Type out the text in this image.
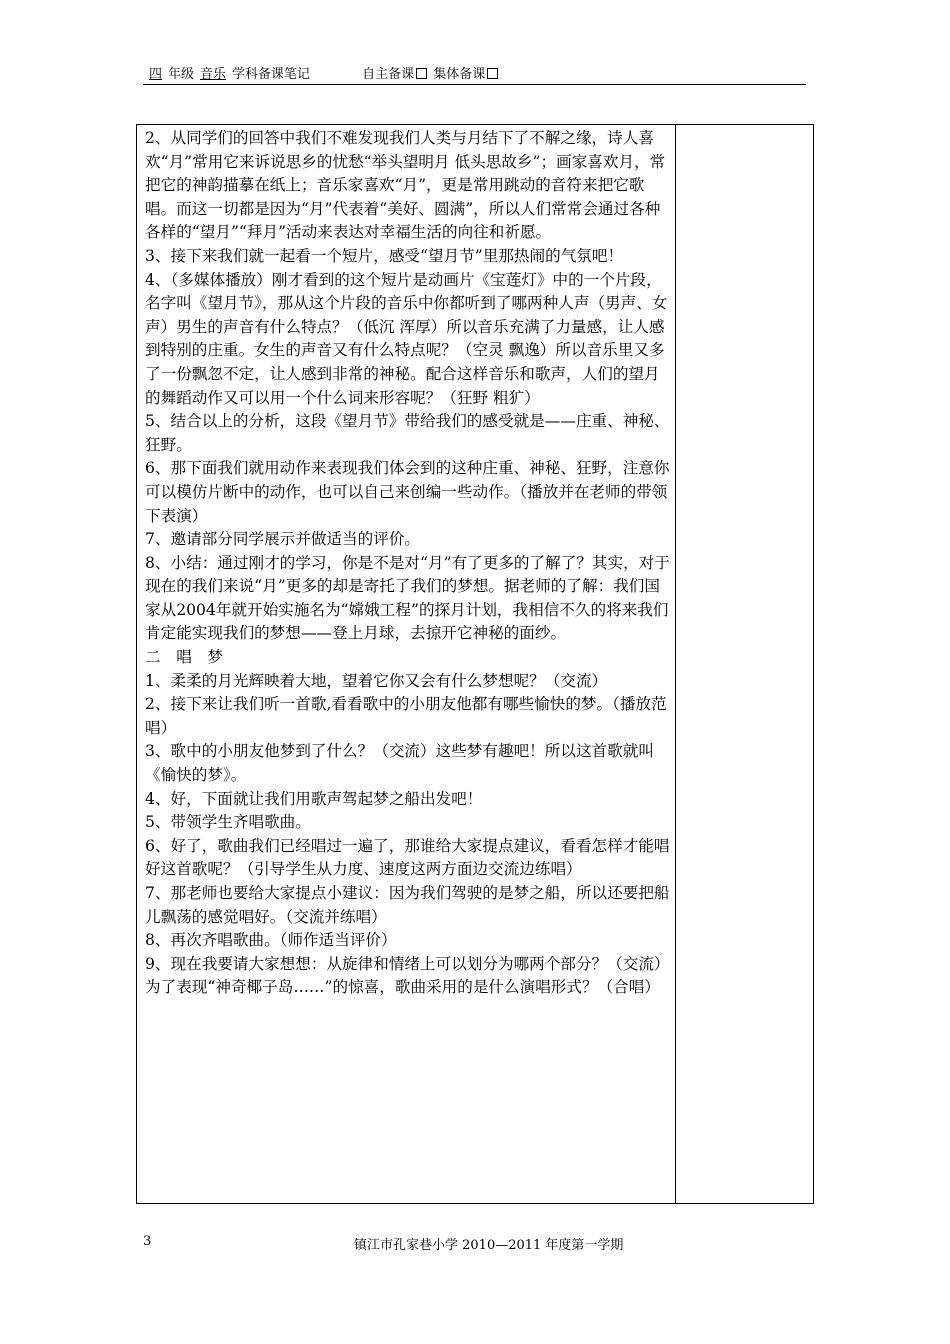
四 年级 音乐 学科备课笔记	自主备课 集体备课

2、从同学们的回答中我们不难发现我们人类与月结下了不解之缘，诗人喜欢“月”常用它来诉说思乡的忧愁“举头望明月 低头思故乡”；画家喜欢月，常把它的神韵描摹在纸上；音乐家喜欢“月”，更是常用跳动的音符来把它歌唱。而这一切都是因为“月”代表着“美好、圆满”，所以人们常常会通过各种各样的“望月”“拜月”活动来表达对幸福生活的向往和祈愿。

3、接下来我们就一起看一个短片，感受“望月节”里那热闹的气氛吧！

4、（多媒体播放）刚才看到的这个短片是动画片《宝莲灯》中的一个片段，名字叫《望月节》，那从这个片段的音乐中你都听到了哪两种人声（男声、女声）男生的声音有什么特点？（低沉 浑厚）所以音乐充满了力量感，让人感到特别的庄重。女生的声音又有什么特点呢？（空灵 飘逸）所以音乐里又多了一份飘忽不定，让人感到非常的神秘。配合这样音乐和歌声，人们的望月的舞蹈动作又可以用一个什么词来形容呢？（狂野 粗犷）

5、结合以上的分析，这段《望月节》带给我们的感受就是——庄重、神秘、狂野。

6、那下面我们就用动作来表现我们体会到的这种庄重、神秘、狂野，注意你可以模仿片断中的动作，也可以自己来创编一些动作。（播放并在老师的带领下表演）

7、邀请部分同学展示并做适当的评价。

8、小结：通过刚才的学习，你是不是对“月”有了更多的了解了？其实，对于现在的我们来说“月”更多的却是寄托了我们的梦想。据老师的了解：我们国家从2004年就开始实施名为“嫦娥工程”的探月计划，我相信不久的将来我们肯定能实现我们的梦想——登上月球，去掠开它神秘的面纱。

二　唱　梦

1、柔柔的月光辉映着大地，望着它你又会有什么梦想呢？（交流）

2、接下来让我们听一首歌,看看歌中的小朋友他都有哪些愉快的梦。（播放范唱）

3、歌中的小朋友他梦到了什么？（交流）这些梦有趣吧！所以这首歌就叫《愉快的梦》。

4、好，下面就让我们用歌声驾起梦之船出发吧！

5、带领学生齐唱歌曲。

6、好了，歌曲我们已经唱过一遍了，那谁给大家提点建议，看看怎样才能唱好这首歌呢？（引导学生从力度、速度这两方面边交流边练唱）

7、那老师也要给大家提点小建议：因为我们驾驶的是梦之船，所以还要把船儿飘荡的感觉唱好。（交流并练唱）

8、再次齐唱歌曲。（师作适当评价）

9、现在我要请大家想想：从旋律和情绪上可以划分为哪两个部分？（交流）

为了表现“神奇椰子岛……”的惊喜，歌曲采用的是什么演唱形式？（合唱）

3	镇江市孔家巷小学 2010—2011 年度第一学期
